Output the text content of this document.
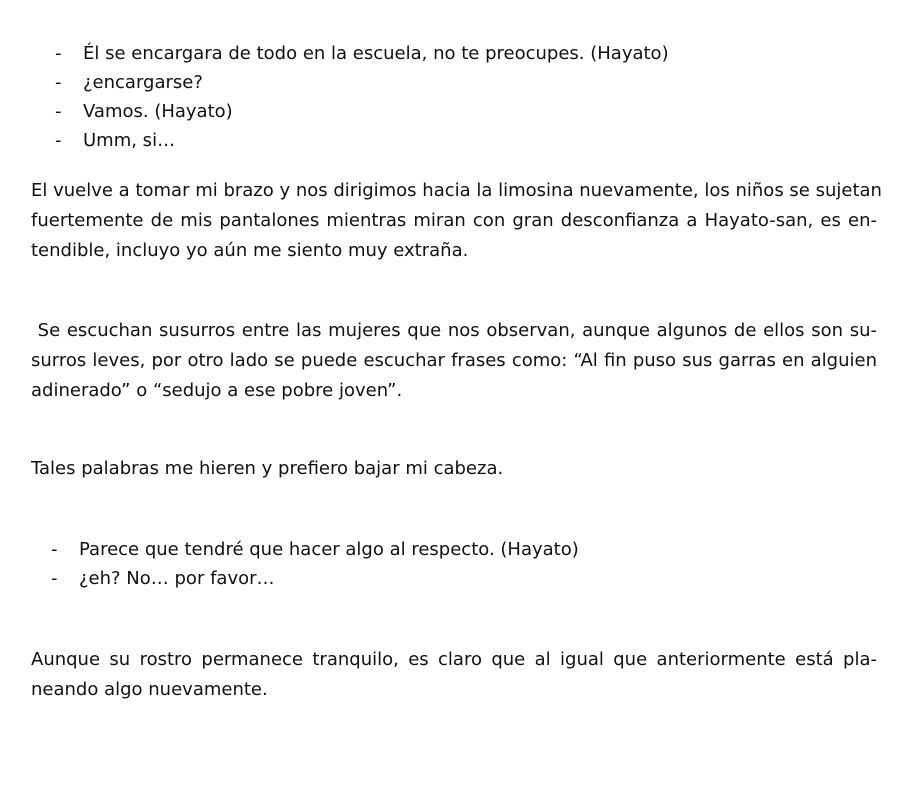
- Él se encargara de todo en la escuela, no te preocupes. (Hayato)
- ¿encargarse?
- Vamos. (Hayato)
- Umm, si…

El vuelve a tomar mi brazo y nos dirigimos hacia la limosina nuevamente, los niños se sujetan
fuertemente de mis pantalones mientras miran con gran desconfianza a Hayato-san, es en-
tendible, incluyo yo aún me siento muy extraña.

Se escuchan susurros entre las mujeres que nos observan, aunque algunos de ellos son su-
surros leves, por otro lado se puede escuchar frases como: “Al fin puso sus garras en alguien
adinerado” o “sedujo a ese pobre joven”.

Tales palabras me hieren y prefiero bajar mi cabeza.

- Parece que tendré que hacer algo al respecto. (Hayato)
- ¿eh? No… por favor…

Aunque su rostro permanece tranquilo, es claro que al igual que anteriormente está pla-
neando algo nuevamente.
